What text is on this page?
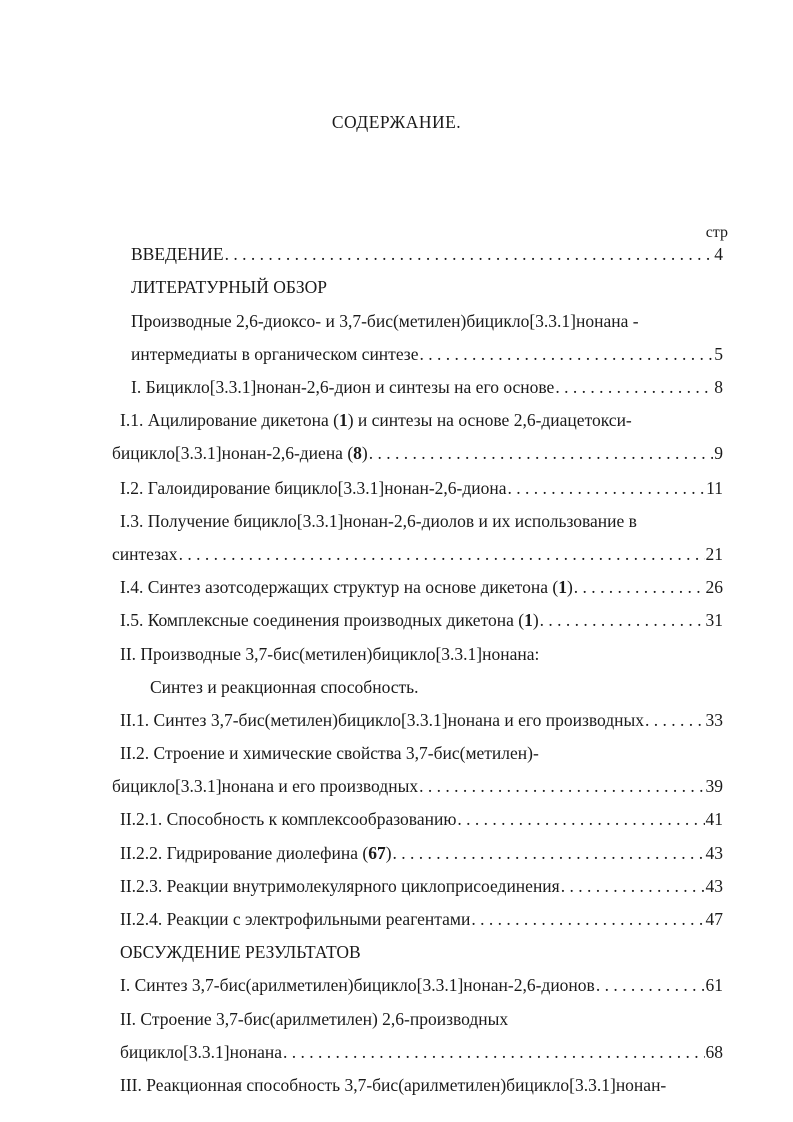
СОДЕРЖАНИЕ.
стр
ВВЕДЕНИЕ . . .	4
ЛИТЕРАТУРНЫЙ ОБЗОР
Производные 2,6-диоксо- и 3,7-бис(метилен)бицикло[3.3.1]нонана -
интермедиаты в органическом синтезе . . .	5
I. Бицикло[3.3.1]нонан-2,6-дион и синтезы на его основе . . .	8
I.1. Ацилирование дикетона (1) и синтезы на основе 2,6-диацетокси-
бицикло[3.3.1]нонан-2,6-диена (8) . . .	9
I.2. Галоидирование бицикло[3.3.1]нонан-2,6-диона . . .	11
I.3. Получение бицикло[3.3.1]нонан-2,6-диолов и их использование в
синтезах . . .	21
I.4. Синтез азотсодержащих структур на основе дикетона (1) . . .	26
I.5. Комплексные соединения производных дикетона (1) . . .	31
II. Производные 3,7-бис(метилен)бицикло[3.3.1]нонана:
Синтез и реакционная способность.
II.1. Синтез 3,7-бис(метилен)бицикло[3.3.1]нонана и его производных . . .	33
II.2. Строение и химические свойства 3,7-бис(метилен)-
бицикло[3.3.1]нонана и его производных . . .	39
II.2.1. Способность к комплексообразованию . . .	41
II.2.2. Гидрирование диолефина (67) . . .	43
II.2.3. Реакции внутримолекулярного циклоприсоединения . . .	43
II.2.4. Реакции с электрофильными реагентами . . .	47
ОБСУЖДЕНИЕ РЕЗУЛЬТАТОВ
I. Синтез 3,7-бис(арилметилен)бицикло[3.3.1]нонан-2,6-дионов . . .	61
II. Строение 3,7-бис(арилметилен) 2,6-производных
бицикло[3.3.1]нонана . . .	68
III. Реакционная способность 3,7-бис(арилметилен)бицикло[3.3.1]нонан-
